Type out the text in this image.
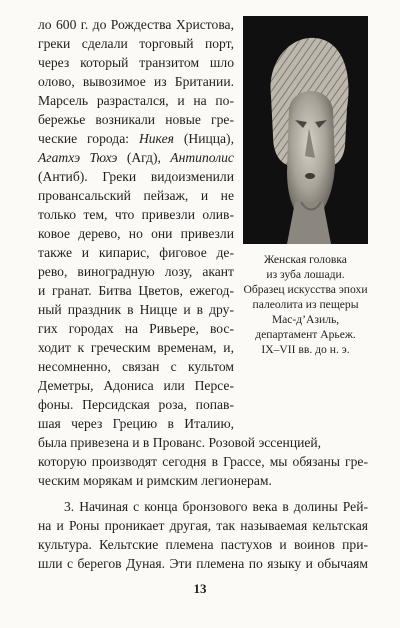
ло 600 г. до Рождества Христова,
греки сделали торговый порт,
через который транзитом шло
олово, вывозимое из Британии.
Марсель разрастался, и на по-
бережье возникали новые гре-
ческие города: Никея (Ницца),
Агатхэ Тюхэ (Агд), Антиполис
(Антиб). Греки видоизменили
провансальский пейзаж, и не
только тем, что привезли олив-
ковое дерево, но они привезли
также и кипарис, фиговое де-
рево, виноградную лозу, акант
и гранат. Битва Цветов, ежегод-
ный праздник в Ницце и в дру-
гих городах на Ривьере, вос-
ходит к греческим временам, и,
несомненно, связан с культом
Деметры, Адониса или Персе-
фоны. Персидская роза, попав-
шая через Грецию в Италию,
Женская головка
из зуба лошади.
Образец искусства эпохи
палеолита из пещеры
Мас-д’Азиль,
департамент Арьеж.
IX–VII вв. до н. э.
была привезена и в Прованс. Розовой эссенцией,
которую производят сегодня в Грассе, мы обязаны гре-
ческим морякам и римским легионерам.
3. Начиная с конца бронзового века в долины Рей-
на и Роны проникает другая, так называемая кельтская
культура. Кельтские племена пастухов и воинов при-
шли с берегов Дуная. Эти племена по языку и обычаям
13
